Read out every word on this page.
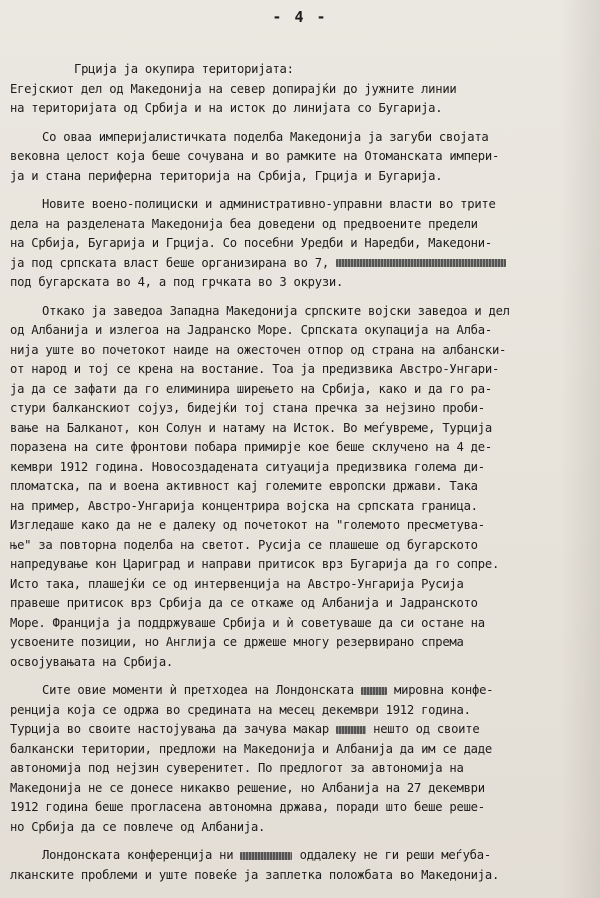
- 4 -
Грција ја окупира територијата:
Егејскиот дел од Македонија на север допирајќи до јужните линии
на територијата од Србија и на исток до линијата со Бугарија.
Со оваа империјалистичката поделба Македонија ја загуби својата
вековна целост која беше сочувана и во рамките на Отоманската импери-
ја и стана периферна територија на Србија, Грција и Бугарија.
Новите воено-полициски и административно-управни власти во трите
дела на разделената Македонија беа доведени од предвоените предели
на Србија, Бугарија и Грција. Со посебни Уредби и Наредби, Македони-
ја под српската власт беше организирана во 7,
под бугарската во 4, а под грчката во 3 окрузи.
Откако ја заведоа Западна Македонија српските војски заведоа и дел
од Албанија и излегоа на Јадранско Море. Српската окупација на Алба-
нија уште во почетокот наиде на ожесточен отпор од страна на албански-
от народ и тој се крена на востание. Тоа ја предизвика Австро-Унгари-
ја да се зафати да го елиминира ширењето на Србија, како и да го ра-
стури балканскиот сојуз, бидејќи тој стана пречка за нејзино проби-
вање на Балканот, кон Солун и натаму на Исток. Во меѓувреме, Турција
поразена на сите фронтови побара примирје кое беше склучено на 4 де-
кември 1912 година. Новосоздадената ситуација предизвика голема ди-
пломатска, па и воена активност кај големите европски држави. Така
на пример, Австро-Унгарија концентрира војска на српската граница.
Изгледаше како да не е далеку од почетокот на "големото пресметува-
ње" за повторна поделба на светот. Русија се плашеше од бугарското
напредување кон Цариград и направи притисок врз Бугарија да го сопре.
Исто така, плашејќи се од интервенција на Австро-Унгарија Русија
правеше притисок врз Србија да се откаже од Албанија и Јадранското
Море. Франција ја поддржуваше Србија и ѝ советуваше да си остане на
усвоените позиции, но Англија се држеше многу резервирано спрема
освојувањата на Србија.
Сите овие моменти ѝ претходеа на Лондонската	мировна конфе-
ренција која се одржа во средината на месец декември 1912 година.
Турција во своите настојувања да зачува макар	нешто од своите
балкански територии, предложи на Македонија и Албанија да им се даде
автономија под нејзин суверенитет. По предлогот за автономија на
Македонија не се донесе никакво решение, но Албанија на 27 декември
1912 година беше прогласена автономна држава, поради што беше реше-
но Србија да се повлече од Албанија.
Лондонската конференција ни	оддалеку не ги реши меѓуба-
лканските проблеми и уште повеќе ја заплетка положбата во Македонија.
